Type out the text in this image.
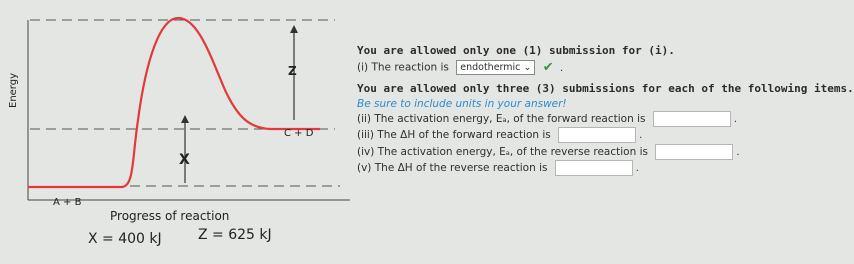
Z
X
C + D
A + B
Energy
Progress of reaction
X = 400 kJ	Z = 625 kJ
You are allowed only one (1) submission for (i).
(i) The reaction is endothermic ⌄ ✔ .
You are allowed only three (3) submissions for each of the following items.
Be sure to include units in your answer!
(ii) The activation energy, Eₐ, of the forward reaction is	.
(iii) The ΔH of the forward reaction is	.
(iv) The activation energy, Eₐ, of the reverse reaction is	.
(v) The ΔH of the reverse reaction is	.
